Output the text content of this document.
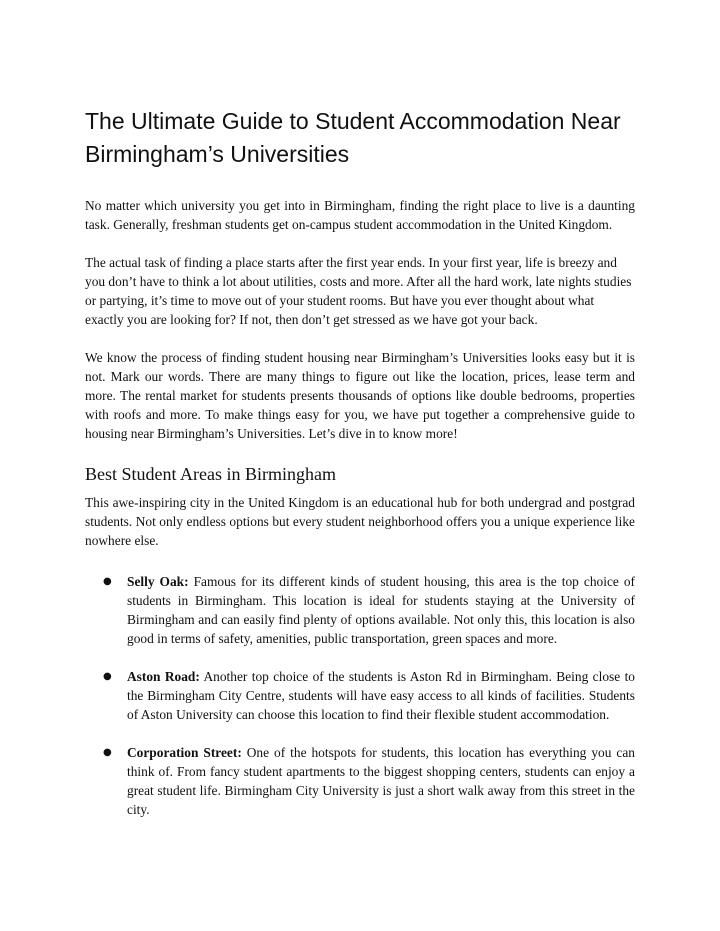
The Ultimate Guide to Student Accommodation Near Birmingham’s Universities

No matter which university you get into in Birmingham, finding the right place to live is a daunting task. Generally, freshman students get on-campus student accommodation in the United Kingdom.

The actual task of finding a place starts after the first year ends. In your first year, life is breezy and you don’t have to think a lot about utilities, costs and more. After all the hard work, late nights studies or partying, it’s time to move out of your student rooms. But have you ever thought about what exactly you are looking for? If not, then don’t get stressed as we have got your back.

We know the process of finding student housing near Birmingham’s Universities looks easy but it is not. Mark our words. There are many things to figure out like the location, prices, lease term and more. The rental market for students presents thousands of options like double bedrooms, properties with roofs and more. To make things easy for you, we have put together a comprehensive guide to housing near Birmingham’s Universities. Let’s dive in to know more!

Best Student Areas in Birmingham

This awe-inspiring city in the United Kingdom is an educational hub for both undergrad and postgrad students. Not only endless options but every student neighborhood offers you a unique experience like nowhere else.

● Selly Oak: Famous for its different kinds of student housing, this area is the top choice of students in Birmingham. This location is ideal for students staying at the University of Birmingham and can easily find plenty of options available. Not only this, this location is also good in terms of safety, amenities, public transportation, green spaces and more.
● Aston Road: Another top choice of the students is Aston Rd in Birmingham. Being close to the Birmingham City Centre, students will have easy access to all kinds of facilities. Students of Aston University can choose this location to find their flexible student accommodation.
● Corporation Street: One of the hotspots for students, this location has everything you can think of. From fancy student apartments to the biggest shopping centers, students can enjoy a great student life. Birmingham City University is just a short walk away from this street in the city.
